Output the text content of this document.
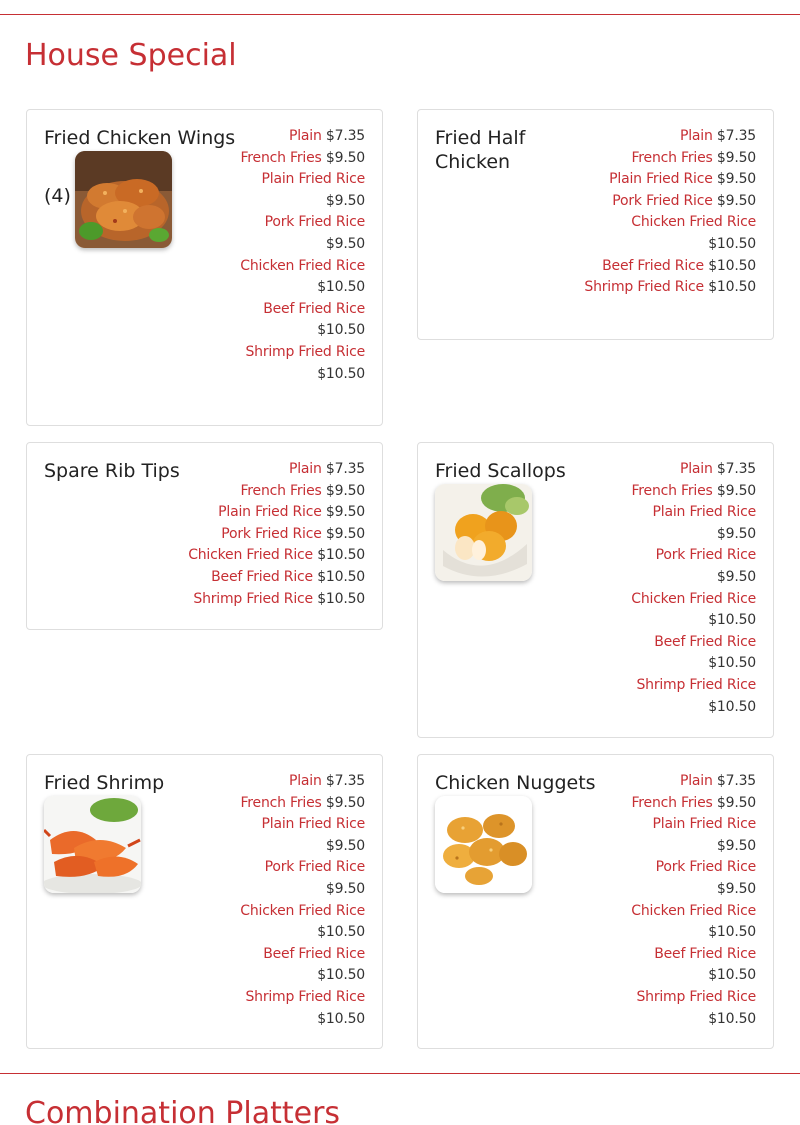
House Special
Fried Chicken Wings
(4)
Plain $7.35
French Fries $9.50
Plain Fried Rice $9.50
Pork Fried Rice $9.50
Chicken Fried Rice $10.50
Beef Fried Rice $10.50
Shrimp Fried Rice $10.50
Fried Half Chicken
Plain $7.35
French Fries $9.50
Plain Fried Rice $9.50
Pork Fried Rice $9.50
Chicken Fried Rice $10.50
Beef Fried Rice $10.50
Shrimp Fried Rice $10.50
Spare Rib Tips	Plain $7.35
French Fries $9.50
Plain Fried Rice $9.50
Pork Fried Rice $9.50
Chicken Fried Rice $10.50
Beef Fried Rice $10.50
Shrimp Fried Rice $10.50
Fried Scallops	Plain $7.35
French Fries $9.50
Plain Fried Rice $9.50
Pork Fried Rice $9.50
Chicken Fried Rice $10.50
Beef Fried Rice $10.50
Shrimp Fried Rice $10.50
Fried Shrimp	Plain $7.35
French Fries $9.50
Plain Fried Rice $9.50
Pork Fried Rice $9.50
Chicken Fried Rice $10.50
Beef Fried Rice $10.50
Shrimp Fried Rice $10.50
Chicken Nuggets	Plain $7.35
French Fries $9.50
Plain Fried Rice $9.50
Pork Fried Rice $9.50
Chicken Fried Rice $10.50
Beef Fried Rice $10.50
Shrimp Fried Rice $10.50
Combination Platters
